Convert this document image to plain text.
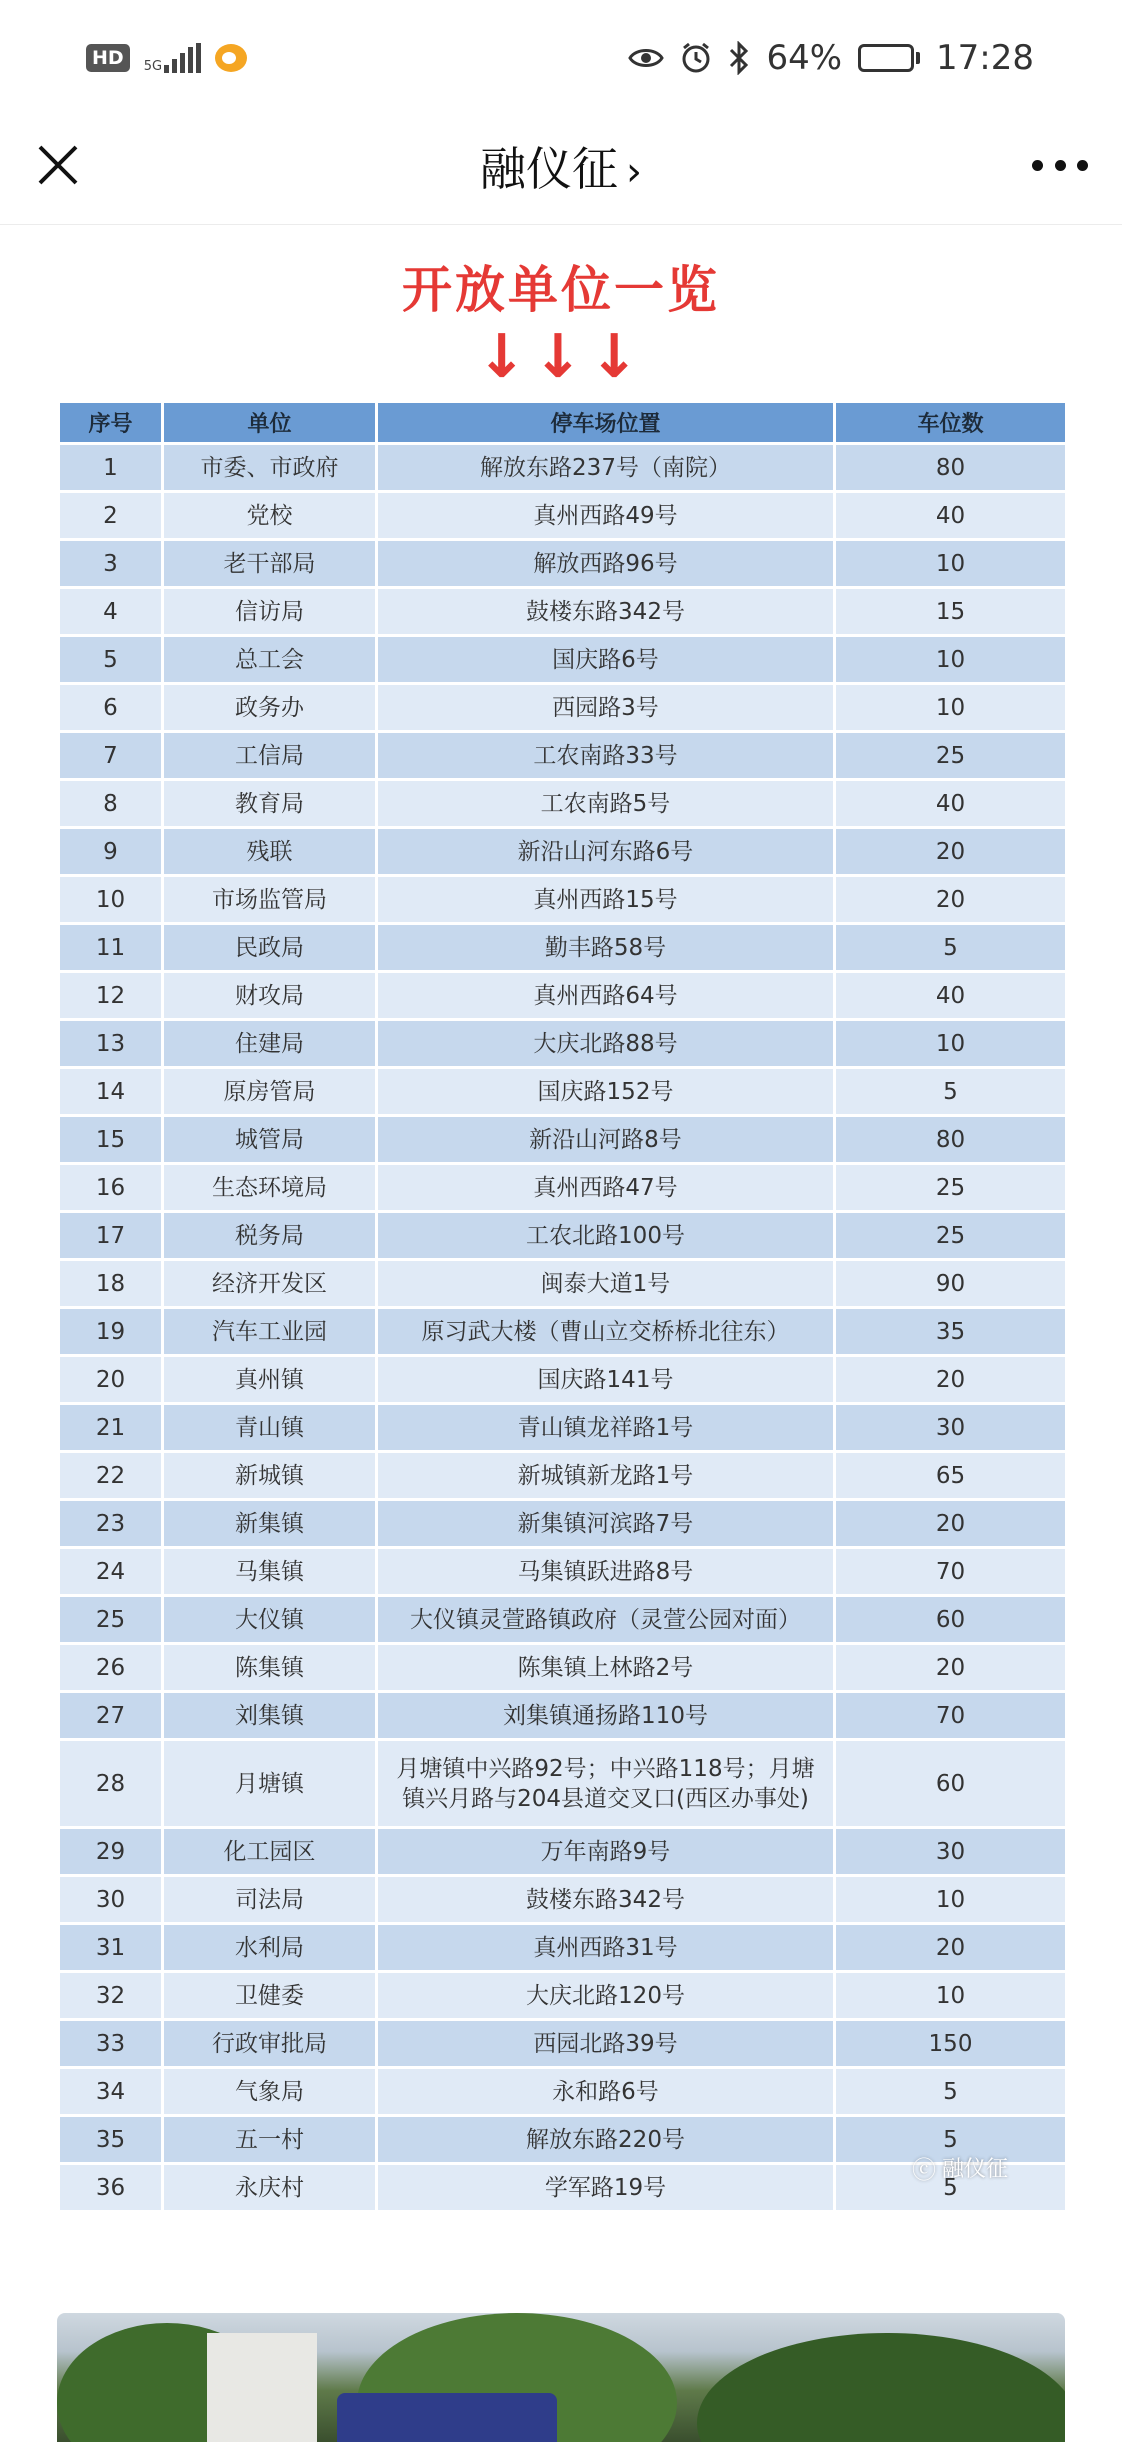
HD	5G	64%	17:28
融仪征 ›
开放单位一览
↓↓↓
序号	单位	停车场位置	车位数
1	市委、市政府	解放东路237号（南院）	80
2	党校	真州西路49号	40
3	老干部局	解放西路96号	10
4	信访局	鼓楼东路342号	15
5	总工会	国庆路6号	10
6	政务办	西园路3号	10
7	工信局	工农南路33号	25
8	教育局	工农南路5号	40
9	残联	新沿山河东路6号	20
10	市场监管局	真州西路15号	20
11	民政局	勤丰路58号	5
12	财攻局	真州西路64号	40
13	住建局	大庆北路88号	10
14	原房管局	国庆路152号	5
15	城管局	新沿山河路8号	80
16	生态环境局	真州西路47号	25
17	税务局	工农北路100号	25
18	经济开发区	闽泰大道1号	90
19	汽车工业园	原习武大楼（曹山立交桥桥北往东）	35
20	真州镇	国庆路141号	20
21	青山镇	青山镇龙祥路1号	30
22	新城镇	新城镇新龙路1号	65
23	新集镇	新集镇河滨路7号	20
24	马集镇	马集镇跃进路8号	70
25	大仪镇	大仪镇灵萱路镇政府（灵萱公园对面）	60
26	陈集镇	陈集镇上林路2号	20
27	刘集镇	刘集镇通扬路110号	70
28	月塘镇	月塘镇中兴路92号；中兴路118号；月塘镇兴月路与204县道交叉口(西区办事处)	60
29	化工园区	万年南路9号	30
30	司法局	鼓楼东路342号	10
31	水利局	真州西路31号	20
32	卫健委	大庆北路120号	10
33	行政审批局	西园北路39号	150
34	气象局	永和路6号	5
35	五一村	解放东路220号	5
36	永庆村	学军路19号	5
ⓒ 融仪征
